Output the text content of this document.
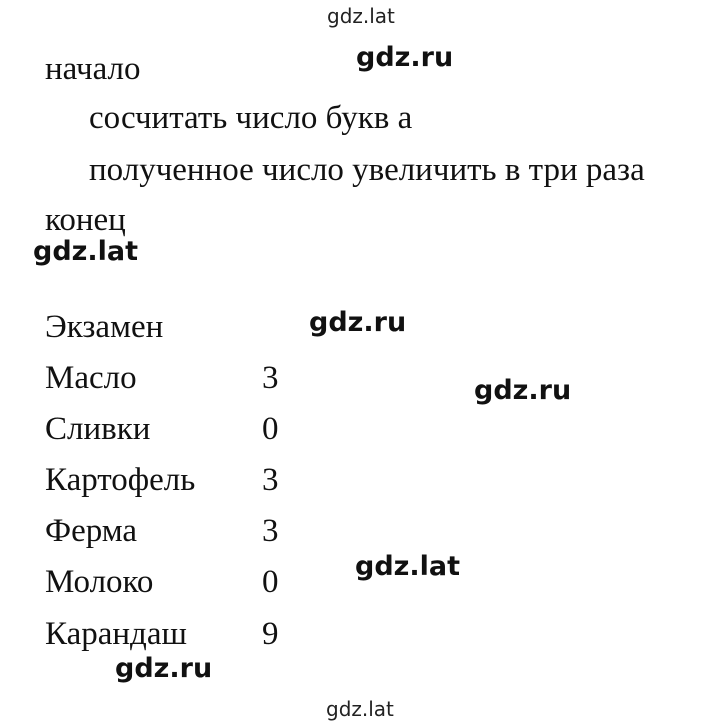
gdz.lat
gdz.ru
gdz.lat
gdz.ru
gdz.ru
gdz.lat
gdz.ru
gdz.lat
начало
сосчитать число букв а
полученное число увеличить в три раза
конец
Экзамен
Масло	3
Сливки	0
Картофель 3
Ферма	3
Молоко	0
Карандаш 9
